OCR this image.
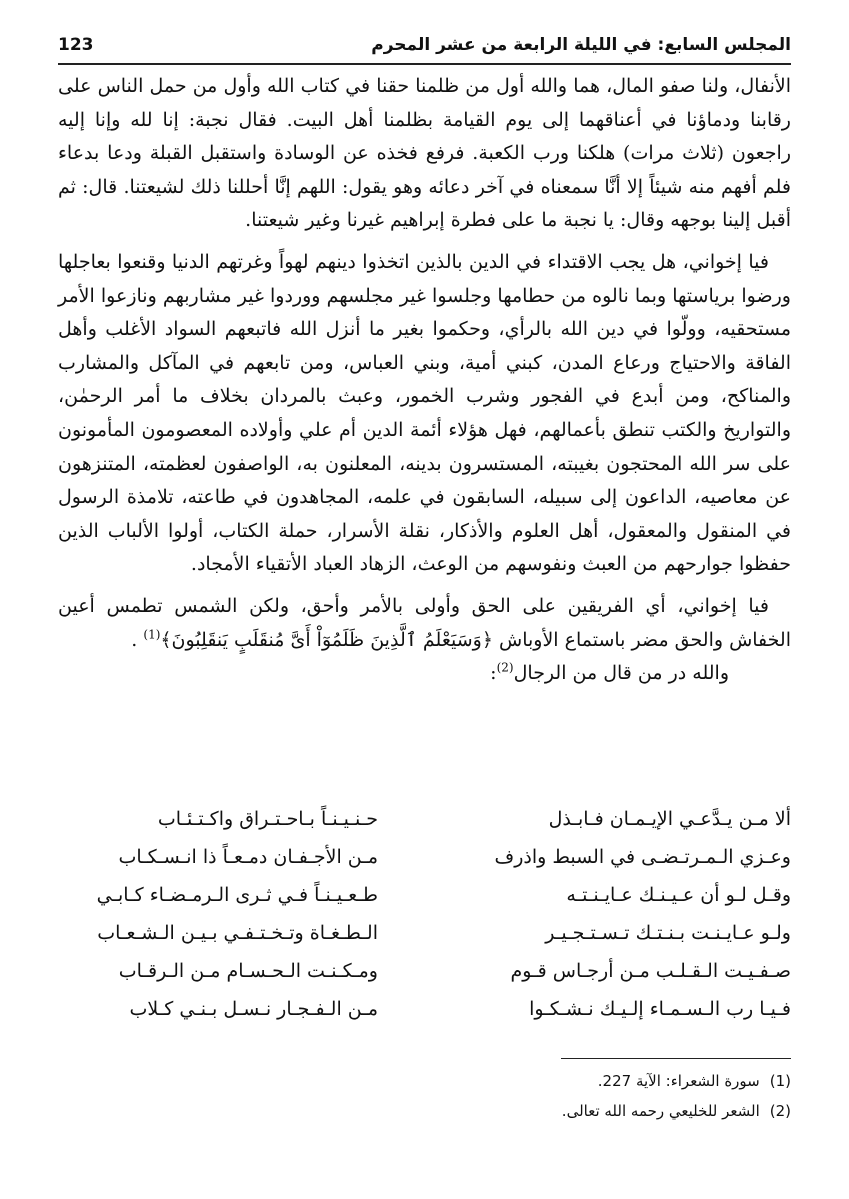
المجلس السابع: في الليلة الرابعة من عشر المحرم
123

الأنفال، ولنا صفو المال، هما والله أول من ظلمنا حقنا في كتاب الله وأول من حمل الناس على رقابنا ودماؤنا في أعناقهما إلى يوم القيامة بظلمنا أهل البيت. فقال نجبة: إنا لله وإنا إليه راجعون (ثلاث مرات) هلكنا ورب الكعبة. فرفع فخذه عن الوسادة واستقبل القبلة ودعا بدعاء فلم أفهم منه شيئاً إلا أنَّا سمعناه في آخر دعائه وهو يقول: اللهم إنَّا أحللنا ذلك لشيعتنا. قال: ثم أقبل إلينا بوجهه وقال: يا نجبة ما على فطرة إبراهيم غيرنا وغير شيعتنا.

فيا إخواني، هل يجب الاقتداء في الدين بالذين اتخذوا دينهم لهواً وغرتهم الدنيا وقنعوا بعاجلها ورضوا برياستها وبما نالوه من حطامها وجلسوا غير مجلسهم ووردوا غير مشاربهم ونازعوا الأمر مستحقيه، وولّوا في دين الله بالرأي، وحكموا بغير ما أنزل الله فاتبعهم السواد الأغلب وأهل الفاقة والاحتياج ورعاع المدن، كبني أمية، وبني العباس، ومن تابعهم في المآكل والمشارب والمناكح، ومن أبدع في الفجور وشرب الخمور، وعبث بالمردان بخلاف ما أمر الرحمٰن، والتواريخ والكتب تنطق بأعمالهم، فهل هؤلاء أئمة الدين أم علي وأولاده المعصومون المأمونون على سر الله المحتجون بغيبته، المستسرون بدينه، المعلنون به، الواصفون لعظمته، المتنزهون عن معاصيه، الداعون إلى سبيله، السابقون في علمه، المجاهدون في طاعته، تلامذة الرسول في المنقول والمعقول، أهل العلوم والأذكار، نقلة الأسرار، حملة الكتاب، أولوا الألباب الذين حفظوا جوارحهم من العبث ونفوسهم من الوعث، الزهاد العباد الأتقياء الأمجاد.

فيا إخواني، أي الفريقين على الحق وأولى بالأمر وأحق، ولكن الشمس تطمس أعين الخفاش والحق مضر باستماع الأوباش ﴿وَسَيَعْلَمُ ٱلَّذِينَ ظَلَمُوٓاْ أَىَّ مُنقَلَبٍ يَنقَلِبُونَ﴾$^{(1)}$ .

والله در من قال من الرجال$^{(2)}$:

ألا مـن يـدَّعـي الإيـمـان فـابـذل
حـنـيـنـاً بـاحـتـراق واكـتـئـاب
وعـزي الـمـرتـضـى في السبط واذرف
مـن الأجـفـان دمـعـاً ذا انـسـكـاب
وقـل لـو أن عـيـنـك عـايـنـتـه
طـعـيـنـاً فـي ثـرى الـرمـضـاء كـابـي
ولـو عـايـنـت بـنـتـك تـسـتـجـيـر
الـطـغـاة وتـخـتـفـي بـيـن الـشـعـاب
صـفـيـت الـقـلـب مـن أرجـاس قـوم
ومـكـنـت الـحـسـام مـن الـرقـاب
فـيـا رب الـسـمـاء إلـيـك نـشـكـوا
مـن الـفـجـار نـسـل بـنـي كـلاب
(1)
سورة الشعراء: الآية 227.
(2)
الشعر للخليعي رحمه الله تعالى.
